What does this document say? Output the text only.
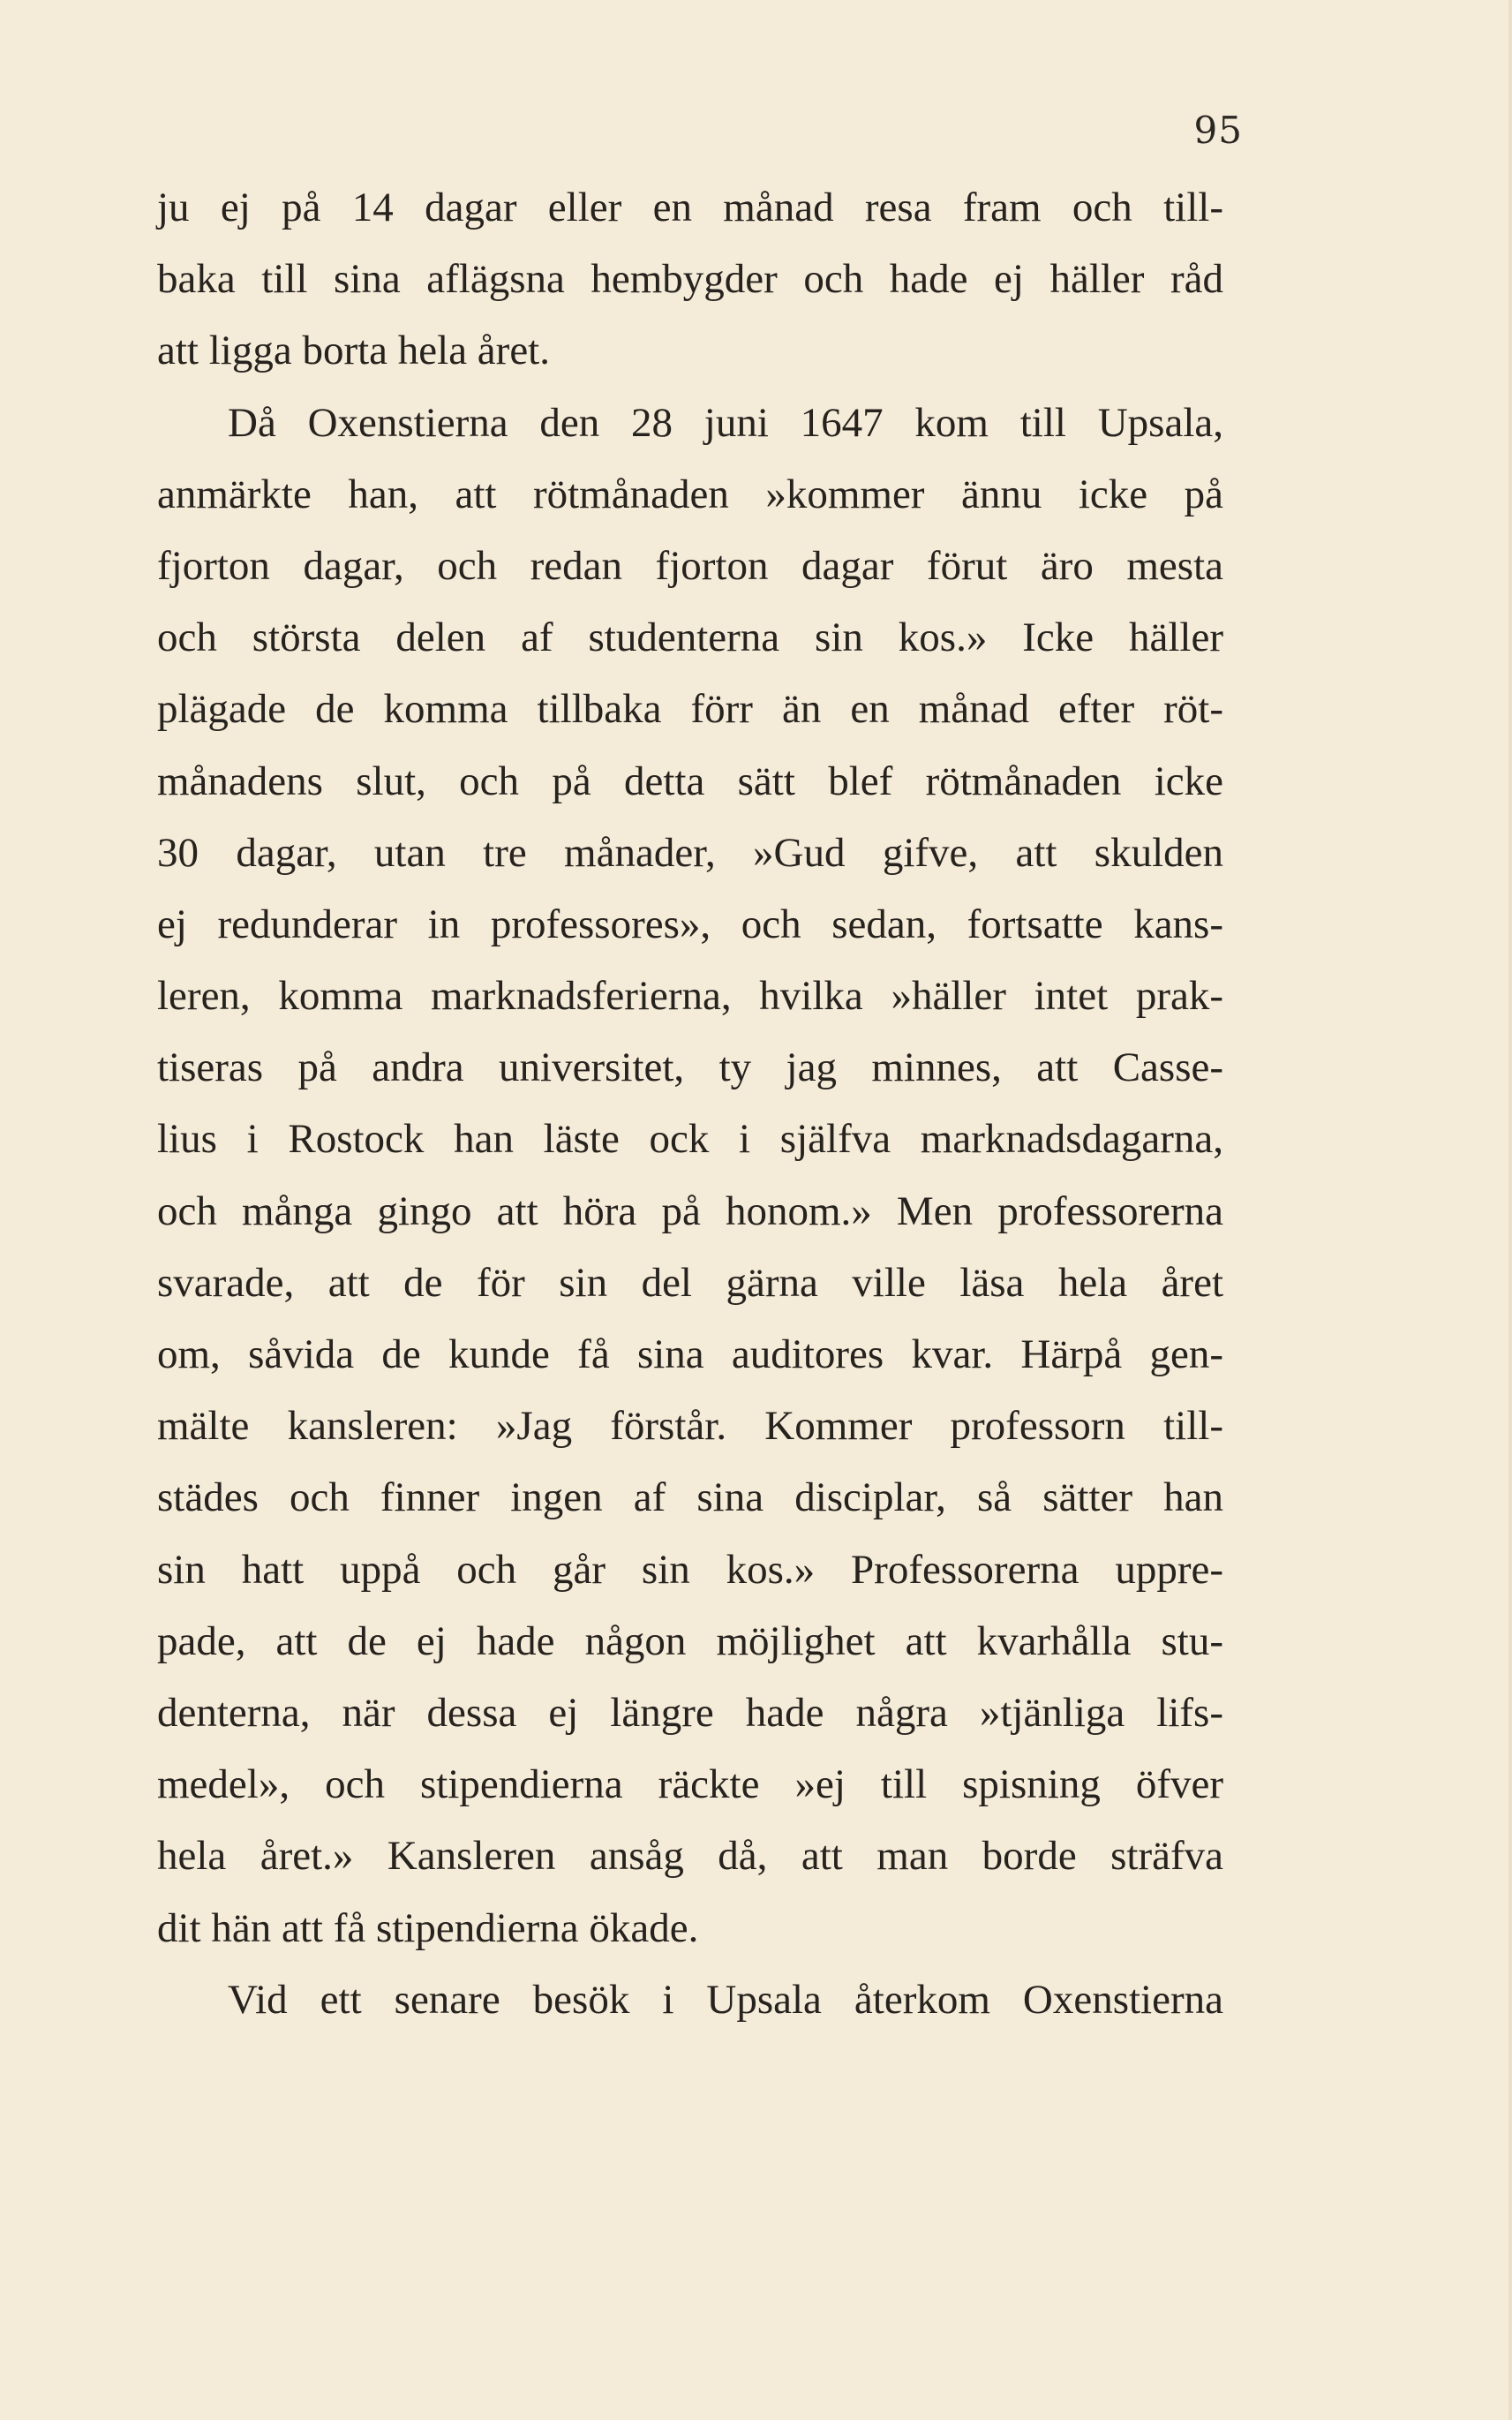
95
ju ej på 14 dagar eller en månad resa fram och till-
baka till sina aflägsna hembygder och hade ej häller råd
att ligga borta hela året.
Då Oxenstierna den 28 juni 1647 kom till Upsala,
anmärkte han, att rötmånaden »kommer ännu icke på
fjorton dagar, och redan fjorton dagar förut äro mesta
och största delen af studenterna sin kos.» Icke häller
plägade de komma tillbaka förr än en månad efter röt-
månadens slut, och på detta sätt blef rötmånaden icke
30 dagar, utan tre månader, »Gud gifve, att skulden
ej redunderar in professores», och sedan, fortsatte kans-
leren, komma marknadsferierna, hvilka »häller intet prak-
tiseras på andra universitet, ty jag minnes, att Casse-
lius i Rostock han läste ock i själfva marknadsdagarna,
och många gingo att höra på honom.» Men professorerna
svarade, att de för sin del gärna ville läsa hela året
om, såvida de kunde få sina auditores kvar. Härpå gen-
mälte kansleren: »Jag förstår. Kommer professorn till-
städes och finner ingen af sina disciplar, så sätter han
sin hatt uppå och går sin kos.» Professorerna uppre-
pade, att de ej hade någon möjlighet att kvarhålla stu-
denterna, när dessa ej längre hade några »tjänliga lifs-
medel», och stipendierna räckte »ej till spisning öfver
hela året.» Kansleren ansåg då, att man borde sträfva
dit hän att få stipendierna ökade.
Vid ett senare besök i Upsala återkom Oxenstierna
